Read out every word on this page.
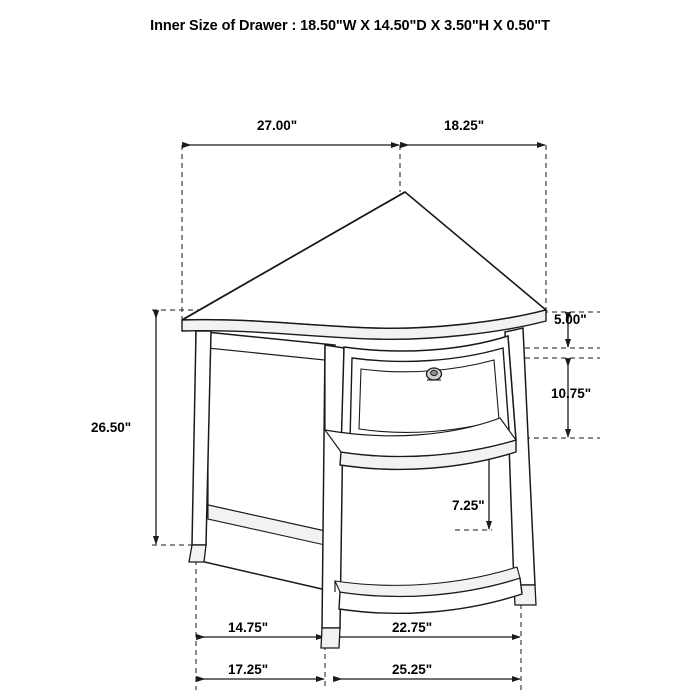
Inner Size of Drawer : 18.50"W X 14.50"D X 3.50"H X 0.50"T
27.00"	18.25"
5.00"
10.75"
26.50"
7.25"
14.75"	22.75"
17.25"	25.25"
